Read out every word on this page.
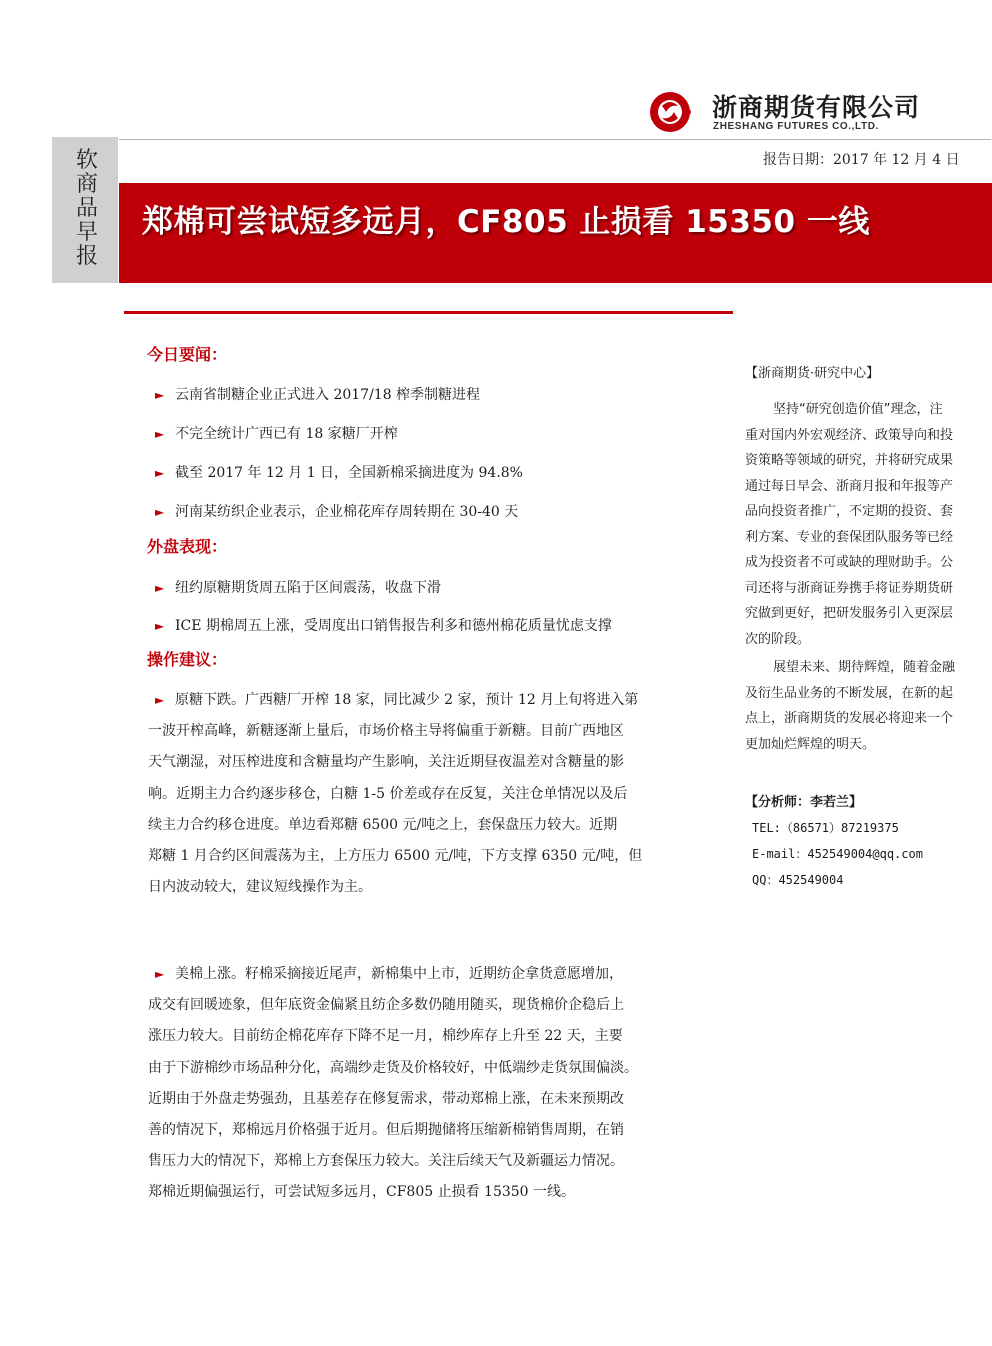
浙商期货有限公司
ZHESHANG FUTURES CO.,LTD.
软商品早报
报告日期：2017 年 12 月 4 日
郑棉可尝试短多远月，CF805 止损看 15350 一线
今日要闻：
► 云南省制糖企业正式进入 2017/18 榨季制糖进程
► 不完全统计广西已有 18 家糖厂开榨
► 截至 2017 年 12 月 1 日，全国新棉采摘进度为 94.8%
► 河南某纺织企业表示，企业棉花库存周转期在 30-40 天
外盘表现：
► 纽约原糖期货周五陷于区间震荡，收盘下滑
► ICE 期棉周五上涨，受周度出口销售报告利多和德州棉花质量忧虑支撑
操作建议：
► 原糖下跌。广西糖厂开榨 18 家，同比减少 2 家，预计 12 月上旬将进入第
一波开榨高峰，新糖逐渐上量后，市场价格主导将偏重于新糖。目前广西地区
天气潮湿，对压榨进度和含糖量均产生影响，关注近期昼夜温差对含糖量的影
响。近期主力合约逐步移仓，白糖 1-5 价差或存在反复，关注仓单情况以及后
续主力合约移仓进度。单边看郑糖 6500 元/吨之上，套保盘压力较大。近期
郑糖 1 月合约区间震荡为主，上方压力 6500 元/吨，下方支撑 6350 元/吨，但
日内波动较大，建议短线操作为主。
► 美棉上涨。籽棉采摘接近尾声，新棉集中上市，近期纺企拿货意愿增加，
成交有回暖迹象，但年底资金偏紧且纺企多数仍随用随买，现货棉价企稳后上
涨压力较大。目前纺企棉花库存下降不足一月，棉纱库存上升至 22 天，主要
由于下游棉纱市场品种分化，高端纱走货及价格较好，中低端纱走货氛围偏淡。
近期由于外盘走势强劲，且基差存在修复需求，带动郑棉上涨，在未来预期改
善的情况下，郑棉远月价格强于近月。但后期抛储将压缩新棉销售周期，在销
售压力大的情况下，郑棉上方套保压力较大。关注后续天气及新疆运力情况。
郑棉近期偏强运行，可尝试短多远月，CF805 止损看 15350 一线。
【浙商期货·研究中心】
坚持“研究创造价值”理念，注
重对国内外宏观经济、政策导向和投
资策略等领域的研究，并将研究成果
通过每日早会、浙商月报和年报等产
品向投资者推广，不定期的投资、套
利方案、专业的套保团队服务等已经
成为投资者不可或缺的理财助手。公
司还将与浙商证券携手将证券期货研
究做到更好，把研发服务引入更深层
次的阶段。
展望未来、期待辉煌，随着金融
及衍生品业务的不断发展，在新的起
点上，浙商期货的发展必将迎来一个
更加灿烂辉煌的明天。
【分析师：李若兰】
TEL:（86571）87219375
E-mail：452549004@qq.com
QQ：452549004
